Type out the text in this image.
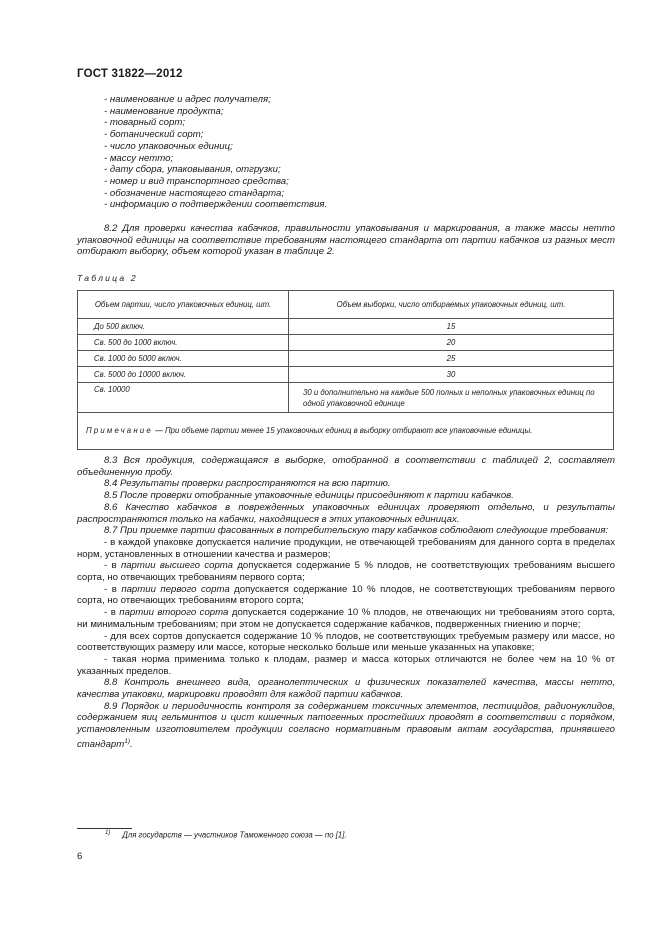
ГОСТ 31822—2012
- наименование и адрес получателя;
- наименование продукта;
- товарный сорт;
- ботанический сорт;
- число упаковочных единиц;
- массу нетто;
- дату сбора, упаковывания, отгрузки;
- номер и вид транспортного средства;
- обозначение настоящего стандарта;
- информацию о подтверждении соответствия.

8.2 Для проверки качества кабачков, правильности упаковывания и маркирования, а также массы нетто упаковочной единицы на соответствие требованиям настоящего стандарта от партии кабачков из разных мест отбирают выборку, объем которой указан в таблице 2.

Таблица 2
Объем партии, число упаковочных единиц, шт.	Объем выборки, число отбираемых упаковочных единиц, шт.
До 500 включ.	15
Св. 500 до 1000 включ.	20
Св. 1000 до 5000 включ.	25
Св. 5000 до 10000 включ.	30
Св. 10000	30 и дополнительно на каждые 500 полных и неполных упаковочных единиц по одной упаковочной единице
Примечание — При объеме партии менее 15 упаковочных единиц в выборку отбирают все упаковочные единицы.	

8.3 Вся продукция, содержащаяся в выборке, отобранной в соответствии с таблицей 2, составляет объединенную пробу.

8.4 Результаты проверки распространяются на всю партию.

8.5 После проверки отобранные упаковочные единицы присоединяют к партии кабачков.

8.6 Качество кабачков в поврежденных упаковочных единицах проверяют отдельно, и результаты распространяются только на кабачки, находящиеся в этих упаковочных единицах.

8.7 При приемке партии фасованных в потребительскую тару кабачков соблюдают следующие требования:

- в каждой упаковке допускается наличие продукции, не отвечающей требованиям для данного сорта в пределах норм, установленных в отношении качества и размеров;

- в партии высшего сорта допускается содержание 5 % плодов, не соответствующих требованиям высшего сорта, но отвечающих требованиям первого сорта;

- в партии первого сорта допускается содержание 10 % плодов, не соответствующих требованиям первого сорта, но отвечающих требованиям второго сорта;

- в партии второго сорта допускается содержание 10 % плодов, не отвечающих ни требованиям этого сорта, ни минимальным требованиям; при этом не допускается содержание кабачков, подверженных гниению и порче;

- для всех сортов допускается содержание 10 % плодов, не соответствующих требуемым размеру или массе, но соответствующих размеру или массе, которые несколько больше или меньше указанных на упаковке;

- такая норма применима только к плодам, размер и масса которых отличаются не более чем на 10 % от указанных пределов.

8.8 Контроль внешнего вида, органолептических и физических показателей качества, массы нетто, качества упаковки, маркировки проводят для каждой партии кабачков.

8.9 Порядок и периодичность контроля за содержанием токсичных элементов, пестицидов, радионуклидов, содержанием яиц гельминтов и цист кишечных патогенных простейших проводят в соответствии с порядком, установленным изготовителем продукции согласно нормативным правовым актам государства, принявшего стандарт$^{1)}$.

$^{1)}$ Для государств — участников Таможенного союза — по [1].
6
